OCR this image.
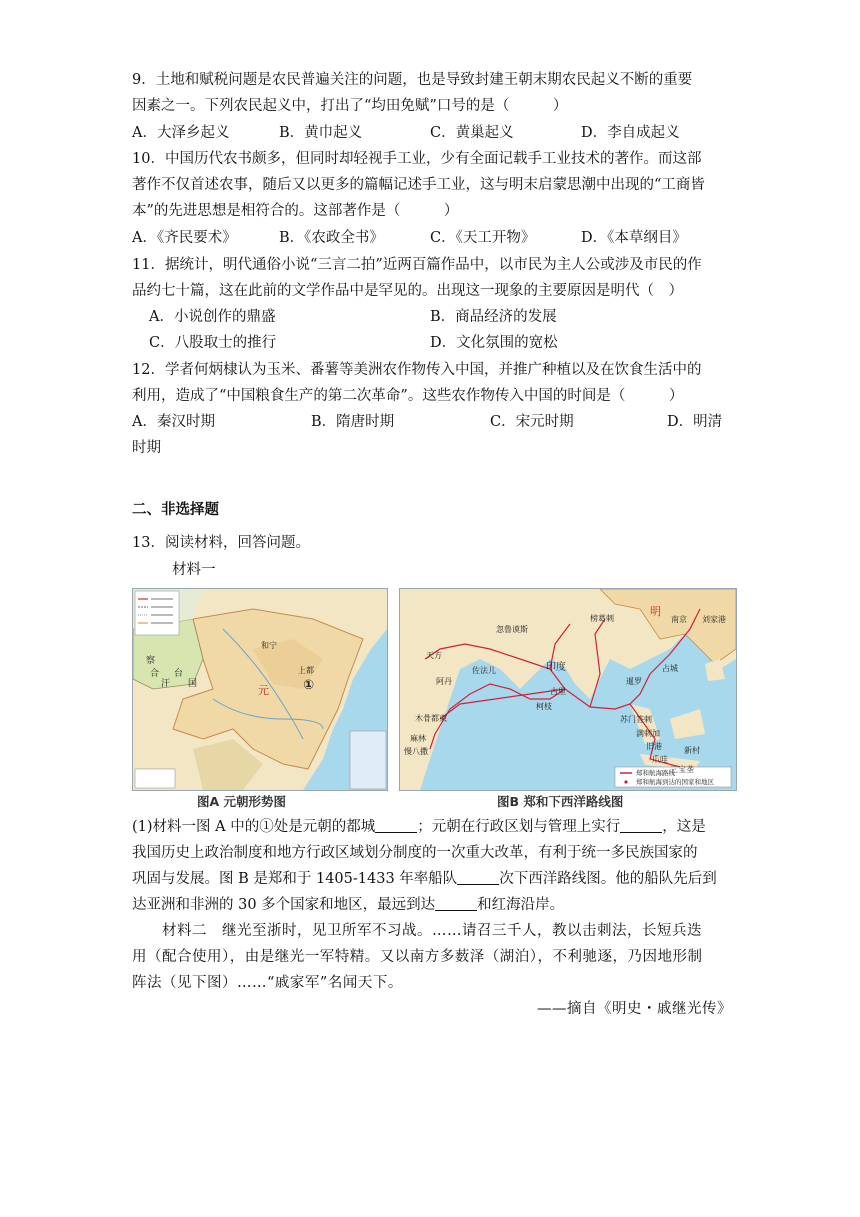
9．土地和赋税问题是农民普遍关注的问题，也是导致封建王朝末期农民起义不断的重要
因素之一。下列农民起义中，打出了“均田免赋”口号的是（　　　）
A．大泽乡起义	B．黄巾起义	C．黄巢起义	D．李自成起义
10．中国历代农书颇多，但同时却轻视手工业，少有全面记载手工业技术的著作。而这部
著作不仅首述农事，随后又以更多的篇幅记述手工业，这与明末启蒙思潮中出现的“工商皆
本”的先进思想是相符合的。这部著作是（　　　）
A．《齐民要术》	B．《农政全书》	C．《天工开物》	D．《本草纲目》
11．据统计，明代通俗小说“三言二拍”近两百篇作品中，以市民为主人公或涉及市民的作
品约七十篇，这在此前的文学作品中是罕见的。出现这一现象的主要原因是明代（　）
A．小说创作的鼎盛	B．商品经济的发展
C．八股取士的推行	D．文化氛围的宽松
12．学者何炳棣认为玉米、番薯等美洲农作物传入中国，并推广种植以及在饮食生活中的
利用，造成了“中国粮食生产的第二次革命”。这些农作物传入中国的时间是（　　　）
A．秦汉时期	B．隋唐时期	C．宋元时期	D．明清
时期
二、非选择题
13．阅读材料，回答问题。
材料一
察
合 台
汗 国	元
上都
①
和宁
图A 元朝形势图
明
南京 刘家港
天方
忽鲁谟斯
榜葛剌
佐法儿
阿丹
印度
古里
柯枝
暹罗
占城
木骨都束
麻林
慢八撒
苏门答剌
满剌加
旧港
爪哇
新村
三宝垄
郑和航海路线
郑和航海到达的国家和地区
图B 郑和下西洋路线图
(1)材料一图 A 中的①处是元朝的都城	；元朝在行政区划与管理上实行	，这是
我国历史上政治制度和地方行政区域划分制度的一次重大改革，有利于统一多民族国家的
巩固与发展。图 B 是郑和于 1405-1433 年率船队	次下西洋路线图。他的船队先后到
达亚洲和非洲的 30 多个国家和地区，最远到达	和红海沿岸。
材料二　继光至浙时，见卫所军不习战。……请召三千人，教以击刺法，长短兵迭
用（配合使用），由是继光一军特精。又以南方多薮泽（湖泊），不利驰逐，乃因地形制
阵法（见下图）……“戚家军”名闻天下。
——摘自《明史・戚继光传》
